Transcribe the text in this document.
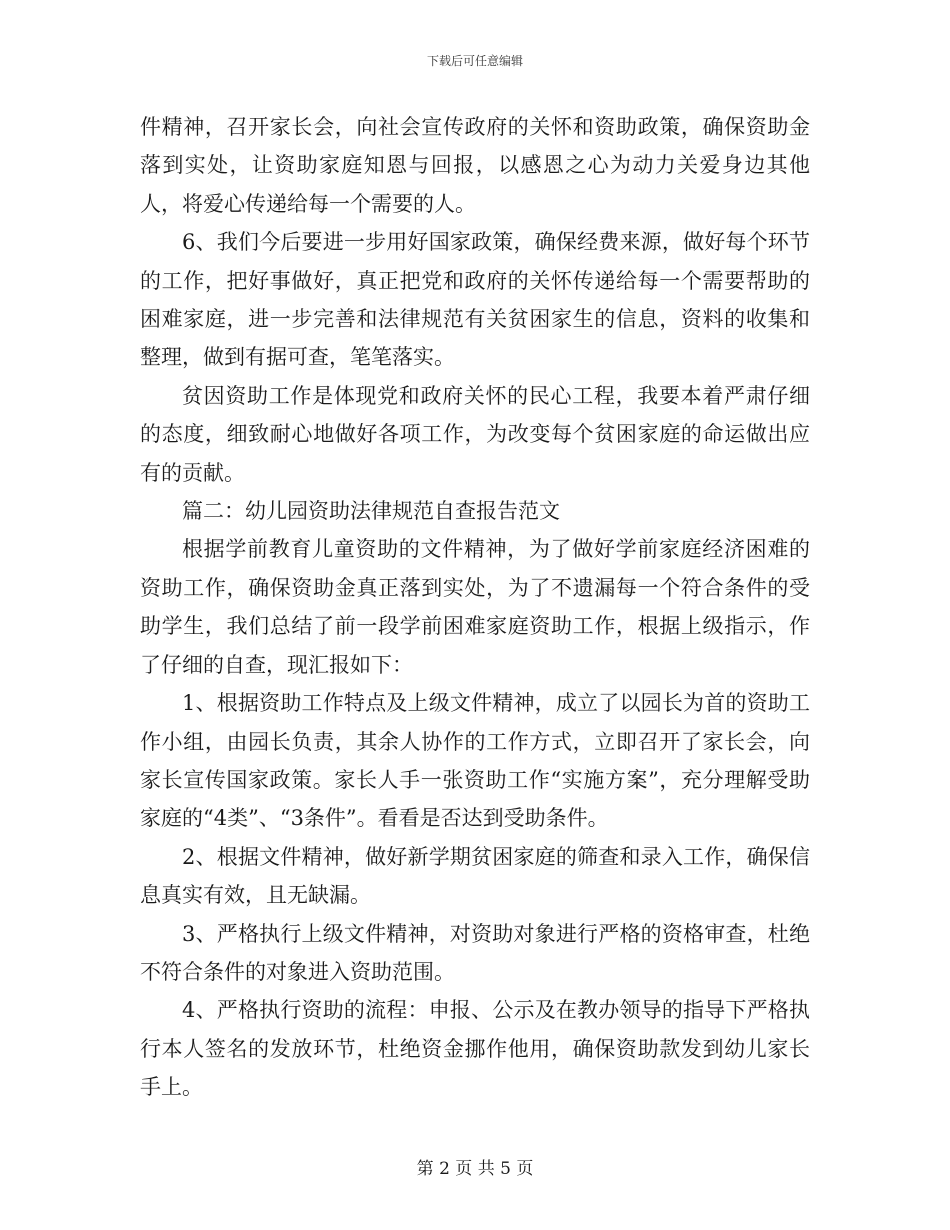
下载后可任意编辑

件精神，召开家长会，向社会宣传政府的关怀和资助政策，确保资助金落到实处，让资助家庭知恩与回报，以感恩之心为动力关爱身边其他人，将爱心传递给每一个需要的人。

6、我们今后要进一步用好国家政策，确保经费来源，做好每个环节的工作，把好事做好，真正把党和政府的关怀传递给每一个需要帮助的困难家庭，进一步完善和法律规范有关贫困家生的信息，资料的收集和整理，做到有据可查，笔笔落实。

贫因资助工作是体现党和政府关怀的民心工程，我要本着严肃仔细的态度，细致耐心地做好各项工作，为改变每个贫困家庭的命运做出应有的贡献。

篇二：幼儿园资助法律规范自查报告范文

根据学前教育儿童资助的文件精神，为了做好学前家庭经济困难的资助工作，确保资助金真正落到实处，为了不遗漏每一个符合条件的受助学生，我们总结了前一段学前困难家庭资助工作，根据上级指示，作了仔细的自查，现汇报如下：

1、根据资助工作特点及上级文件精神，成立了以园长为首的资助工作小组，由园长负责，其余人协作的工作方式，立即召开了家长会，向家长宣传国家政策。家长人手一张资助工作“实施方案”，充分理解受助家庭的“4类”、“3条件”。看看是否达到受助条件。

2、根据文件精神，做好新学期贫困家庭的筛查和录入工作，确保信息真实有效，且无缺漏。

3、严格执行上级文件精神，对资助对象进行严格的资格审查，杜绝不符合条件的对象进入资助范围。

4、严格执行资助的流程：申报、公示及在教办领导的指导下严格执行本人签名的发放环节，杜绝资金挪作他用，确保资助款发到幼儿家长手上。

第 2 页 共 5 页
